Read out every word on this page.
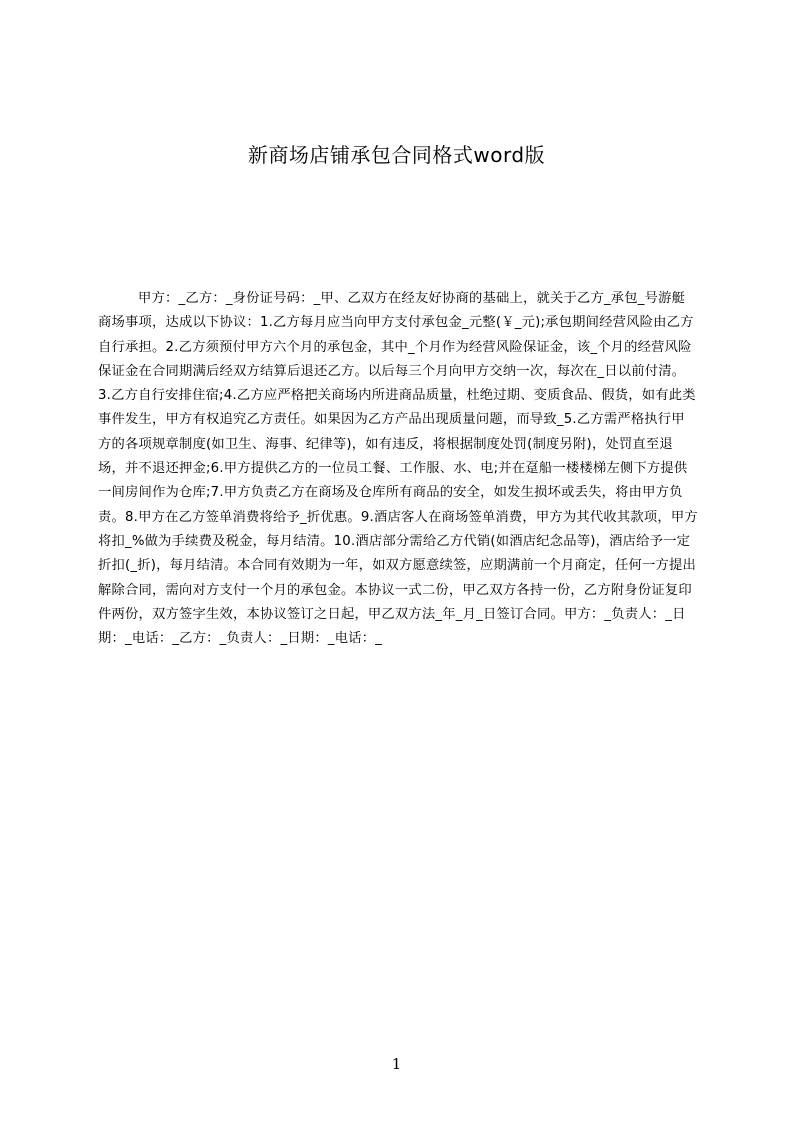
新商场店铺承包合同格式word版
甲方：_乙方：_身份证号码：_甲、乙双方在经友好协商的基础上，就关于乙方_承包_号游艇商场事项，达成以下协议：1.乙方每月应当向甲方支付承包金_元整(￥_元);承包期间经营风险由乙方自行承担。2.乙方须预付甲方六个月的承包金，其中_个月作为经营风险保证金，该_个月的经营风险保证金在合同期满后经双方结算后退还乙方。以后每三个月向甲方交纳一次，每次在_日以前付清。3.乙方自行安排住宿;4.乙方应严格把关商场内所进商品质量，杜绝过期、变质食品、假货，如有此类事件发生，甲方有权追究乙方责任。如果因为乙方产品出现质量问题，而导致_5.乙方需严格执行甲方的各项规章制度(如卫生、海事、纪律等)，如有违反，将根据制度处罚(制度另附)，处罚直至退场，并不退还押金;6.甲方提供乙方的一位员工餐、工作服、水、电;并在趸船一楼楼梯左侧下方提供一间房间作为仓库;7.甲方负责乙方在商场及仓库所有商品的安全，如发生损坏或丢失，将由甲方负责。8.甲方在乙方签单消费将给予_折优惠。9.酒店客人在商场签单消费，甲方为其代收其款项，甲方将扣_%做为手续费及税金，每月结清。10.酒店部分需给乙方代销(如酒店纪念品等)，酒店给予一定折扣(_折)，每月结清。本合同有效期为一年，如双方愿意续签，应期满前一个月商定，任何一方提出解除合同，需向对方支付一个月的承包金。本协议一式二份，甲乙双方各持一份，乙方附身份证复印件两份，双方签字生效，本协议签订之日起，甲乙双方法_年_月_日签订合同。甲方：_负责人：_日期：_电话：_乙方：_负责人：_日期：_电话：_
1
